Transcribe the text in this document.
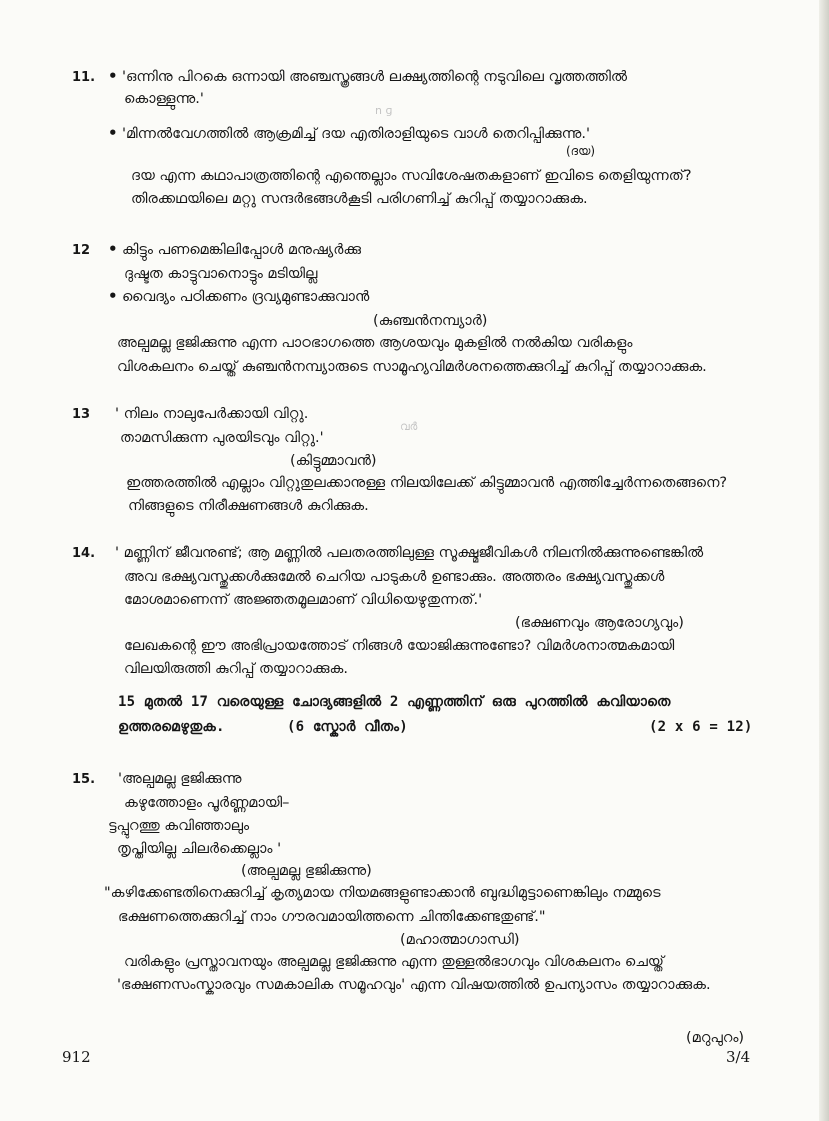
11. • 'ഒന്നിനു പിറകെ ഒന്നായി അഞ്ചസ്ത്രങ്ങൾ ലക്ഷ്യത്തിന്റെ നടുവിലെ വൃത്തത്തിൽ
കൊള്ളുന്നു.'
n ɡ
• 'മിന്നൽവേഗത്തിൽ ആക്രമിച്ച് ദയ എതിരാളിയുടെ വാൾ തെറിപ്പിക്കുന്നു.'
(ദയ)
ദയ എന്ന കഥാപാത്രത്തിന്റെ എന്തെല്ലാം സവിശേഷതകളാണ് ഇവിടെ തെളിയുന്നത്?
തിരക്കഥയിലെ മറ്റു സന്ദർഭങ്ങൾകൂടി പരിഗണിച്ച് കുറിപ്പ് തയ്യാറാക്കുക.
12 • കിട്ടും പണമെങ്കിലിപ്പോൾ മനുഷ്യർക്കു
ദുഷ്ടത കാട്ടുവാനൊട്ടും മടിയില്ല
• വൈദ്യം പഠിക്കണം ദ്രവ്യമുണ്ടാക്കുവാൻ
(കുഞ്ചൻനമ്പ്യാർ)
അല്പമല്ല ഭുജിക്കുന്നു എന്ന പാഠഭാഗത്തെ ആശയവും മുകളിൽ നൽകിയ വരികളും
വിശകലനം ചെയ്ത് കുഞ്ചൻനമ്പ്യാരുടെ സാമൂഹ്യവിമർശനത്തെക്കുറിച്ച് കുറിപ്പ് തയ്യാറാക്കുക.
13 ' നിലം നാലുപേർക്കായി വിറ്റു.
താമസിക്കുന്ന പുരയിടവും വിറ്റു.'
വര്‍
(കിട്ടുമ്മാവൻ)
ഇത്തരത്തിൽ എല്ലാം വിറ്റുതുലക്കാനുള്ള നിലയിലേക്ക് കിട്ടുമ്മാവൻ എത്തിച്ചേർന്നതെങ്ങനെ?
നിങ്ങളുടെ നിരീക്ഷണങ്ങൾ കുറിക്കുക.
14. ' മണ്ണിന് ജീവനുണ്ട്; ആ മണ്ണിൽ പലതരത്തിലുള്ള സൂക്ഷ്മജീവികൾ നിലനിൽക്കുന്നുണ്ടെങ്കിൽ
അവ ഭക്ഷ്യവസ്തുക്കൾക്കുമേൽ ചെറിയ പാടുകൾ ഉണ്ടാക്കും. അത്തരം ഭക്ഷ്യവസ്തുക്കൾ
മോശമാണെന്ന് അജ്ഞതമൂലമാണ് വിധിയെഴുതുന്നത്.'
(ഭക്ഷണവും ആരോഗ്യവും)
ലേഖകന്റെ ഈ അഭിപ്രായത്തോട് നിങ്ങൾ യോജിക്കുന്നുണ്ടോ? വിമർശനാത്മകമായി
വിലയിരുത്തി കുറിപ്പ് തയ്യാറാക്കുക.
15 മുതൽ 17 വരെയുള്ള ചോദ്യങ്ങളിൽ 2 എണ്ണത്തിന് ഒരു പുറത്തിൽ കവിയാതെ
ഉത്തരമെഴുതുക.	(6 സ്കോർ വീതം)	(2 x 6 = 12)
15. 'അല്പമല്ല ഭുജിക്കുന്നു
കഴുത്തോളം പൂർണ്ണമായി–
ട്ടപ്പുറത്തു കവിഞ്ഞാലും
തൃപ്തിയില്ല ചിലർക്കെല്ലാം '
(അല്പമല്ല ഭുജിക്കുന്നു)
"കഴിക്കേണ്ടതിനെക്കുറിച്ച് കൃത്യമായ നിയമങ്ങളുണ്ടാക്കാൻ ബുദ്ധിമുട്ടാണെങ്കിലും നമ്മുടെ
ഭക്ഷണത്തെക്കുറിച്ച് നാം ഗൗരവമായിത്തന്നെ ചിന്തിക്കേണ്ടതുണ്ട്."
(മഹാത്മാഗാന്ധി)
വരികളും പ്രസ്താവനയും അല്പമല്ല ഭുജിക്കുന്നു എന്ന തുള്ളൽഭാഗവും വിശകലനം ചെയ്ത്
'ഭക്ഷണസംസ്കാരവും സമകാലിക സമൂഹവും' എന്ന വിഷയത്തിൽ ഉപന്യാസം തയ്യാറാക്കുക.
(മറുപുറം)
912	3/4
